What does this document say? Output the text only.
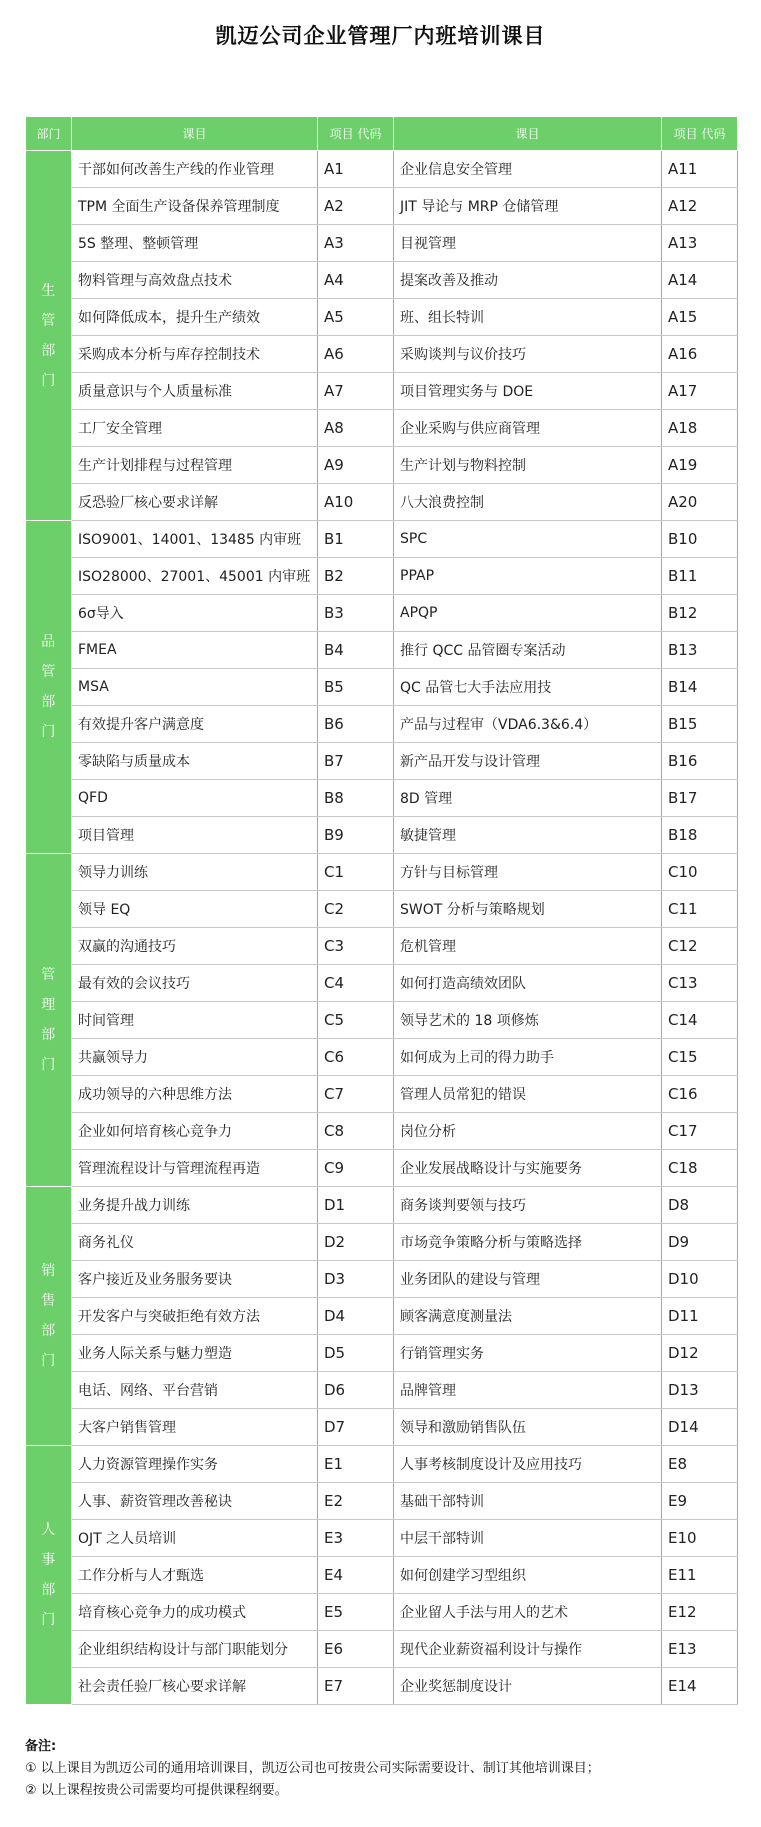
凯迈公司企业管理厂内班培训课目
部门	课目	项目 代码	课目	项目 代码
生管部门	干部如何改善生产线的作业管理	A1	企业信息安全管理	A11
	TPM 全面生产设备保养管理制度	A2	JIT 导论与 MRP 仓储管理	A12
	5S 整理、整顿管理	A3	目视管理	A13
	物料管理与高效盘点技术	A4	提案改善及推动	A14
	如何降低成本，提升生产绩效	A5	班、组长特训	A15
	采购成本分析与库存控制技术	A6	采购谈判与议价技巧	A16
	质量意识与个人质量标准	A7	项目管理实务与 DOE	A17
	工厂安全管理	A8	企业采购与供应商管理	A18
	生产计划排程与过程管理	A9	生产计划与物料控制	A19
	反恐验厂核心要求详解	A10	八大浪费控制	A20
品管部门	ISO9001、14001、13485 内审班	B1	SPC	B10
	ISO28000、27001、45001 内审班	B2	PPAP	B11
	6σ导入	B3	APQP	B12
	FMEA	B4	推行 QCC 品管圈专案活动	B13
	MSA	B5	QC 品管七大手法应用技	B14
	有效提升客户满意度	B6	产品与过程审（VDA6.3&6.4）	B15
	零缺陷与质量成本	B7	新产品开发与设计管理	B16
	QFD	B8	8D 管理	B17
	项目管理	B9	敏捷管理	B18
管理部门	领导力训练	C1	方针与目标管理	C10
	领导 EQ	C2	SWOT 分析与策略规划	C11
	双赢的沟通技巧	C3	危机管理	C12
	最有效的会议技巧	C4	如何打造高绩效团队	C13
	时间管理	C5	领导艺术的 18 项修炼	C14
	共赢领导力	C6	如何成为上司的得力助手	C15
	成功领导的六种思维方法	C7	管理人员常犯的错误	C16
	企业如何培育核心竞争力	C8	岗位分析	C17
	管理流程设计与管理流程再造	C9	企业发展战略设计与实施要务	C18
销售部门	业务提升战力训练	D1	商务谈判要领与技巧	D8
	商务礼仪	D2	市场竞争策略分析与策略选择	D9
	客户接近及业务服务要诀	D3	业务团队的建设与管理	D10
	开发客户与突破拒绝有效方法	D4	顾客满意度测量法	D11
	业务人际关系与魅力塑造	D5	行销管理实务	D12
	电话、网络、平台营销	D6	品牌管理	D13
	大客户销售管理	D7	领导和激励销售队伍	D14
人事部门	人力资源管理操作实务	E1	人事考核制度设计及应用技巧	E8
	人事、薪资管理改善秘诀	E2	基础干部特训	E9
	OJT 之人员培训	E3	中层干部特训	E10
	工作分析与人才甄选	E4	如何创建学习型组织	E11
	培育核心竞争力的成功模式	E5	企业留人手法与用人的艺术	E12
	企业组织结构设计与部门职能划分	E6	现代企业薪资福利设计与操作	E13
	社会责任验厂核心要求详解	E7	企业奖惩制度设计	E14
备注:
① 以上课目为凯迈公司的通用培训课目，凯迈公司也可按贵公司实际需要设计、制订其他培训课目；
② 以上课程按贵公司需要均可提供课程纲要。
